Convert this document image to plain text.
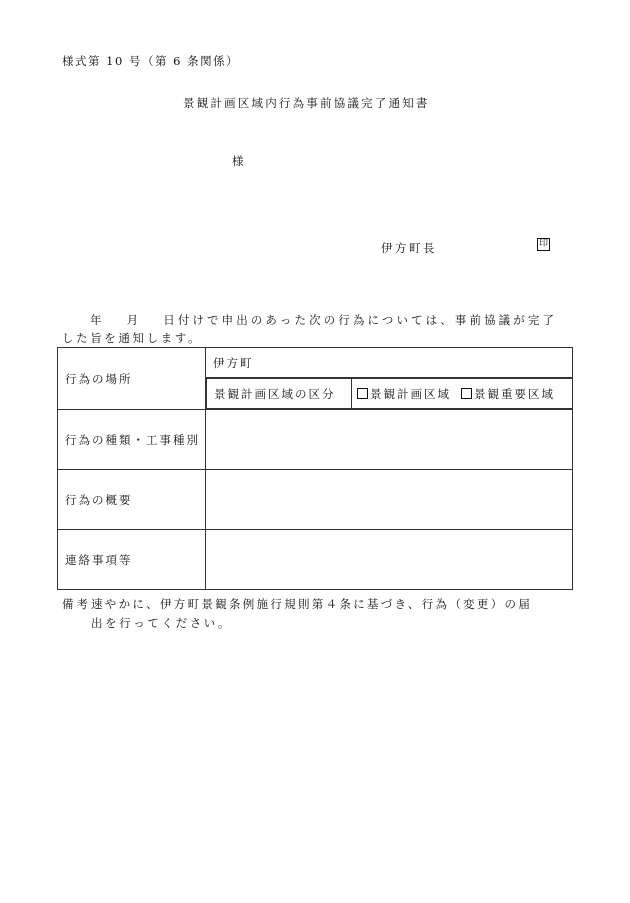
様式第 10 号（第 6 条関係）
景観計画区域内行為事前協議完了通知書
様
伊方町長	印
年 月 日付けで申出のあった次の行為については、事前協議が完了
した旨を通知します。
行為の場所	伊方町

景観計画区域の区分	景観計画区域 景観重要区域

行為の種類・工事種別	
行為の概要	
連絡事項等	
備考 速やかに、伊方町景観条例施行規則第４条に基づき、行為（変更）の届
出を行ってください。
